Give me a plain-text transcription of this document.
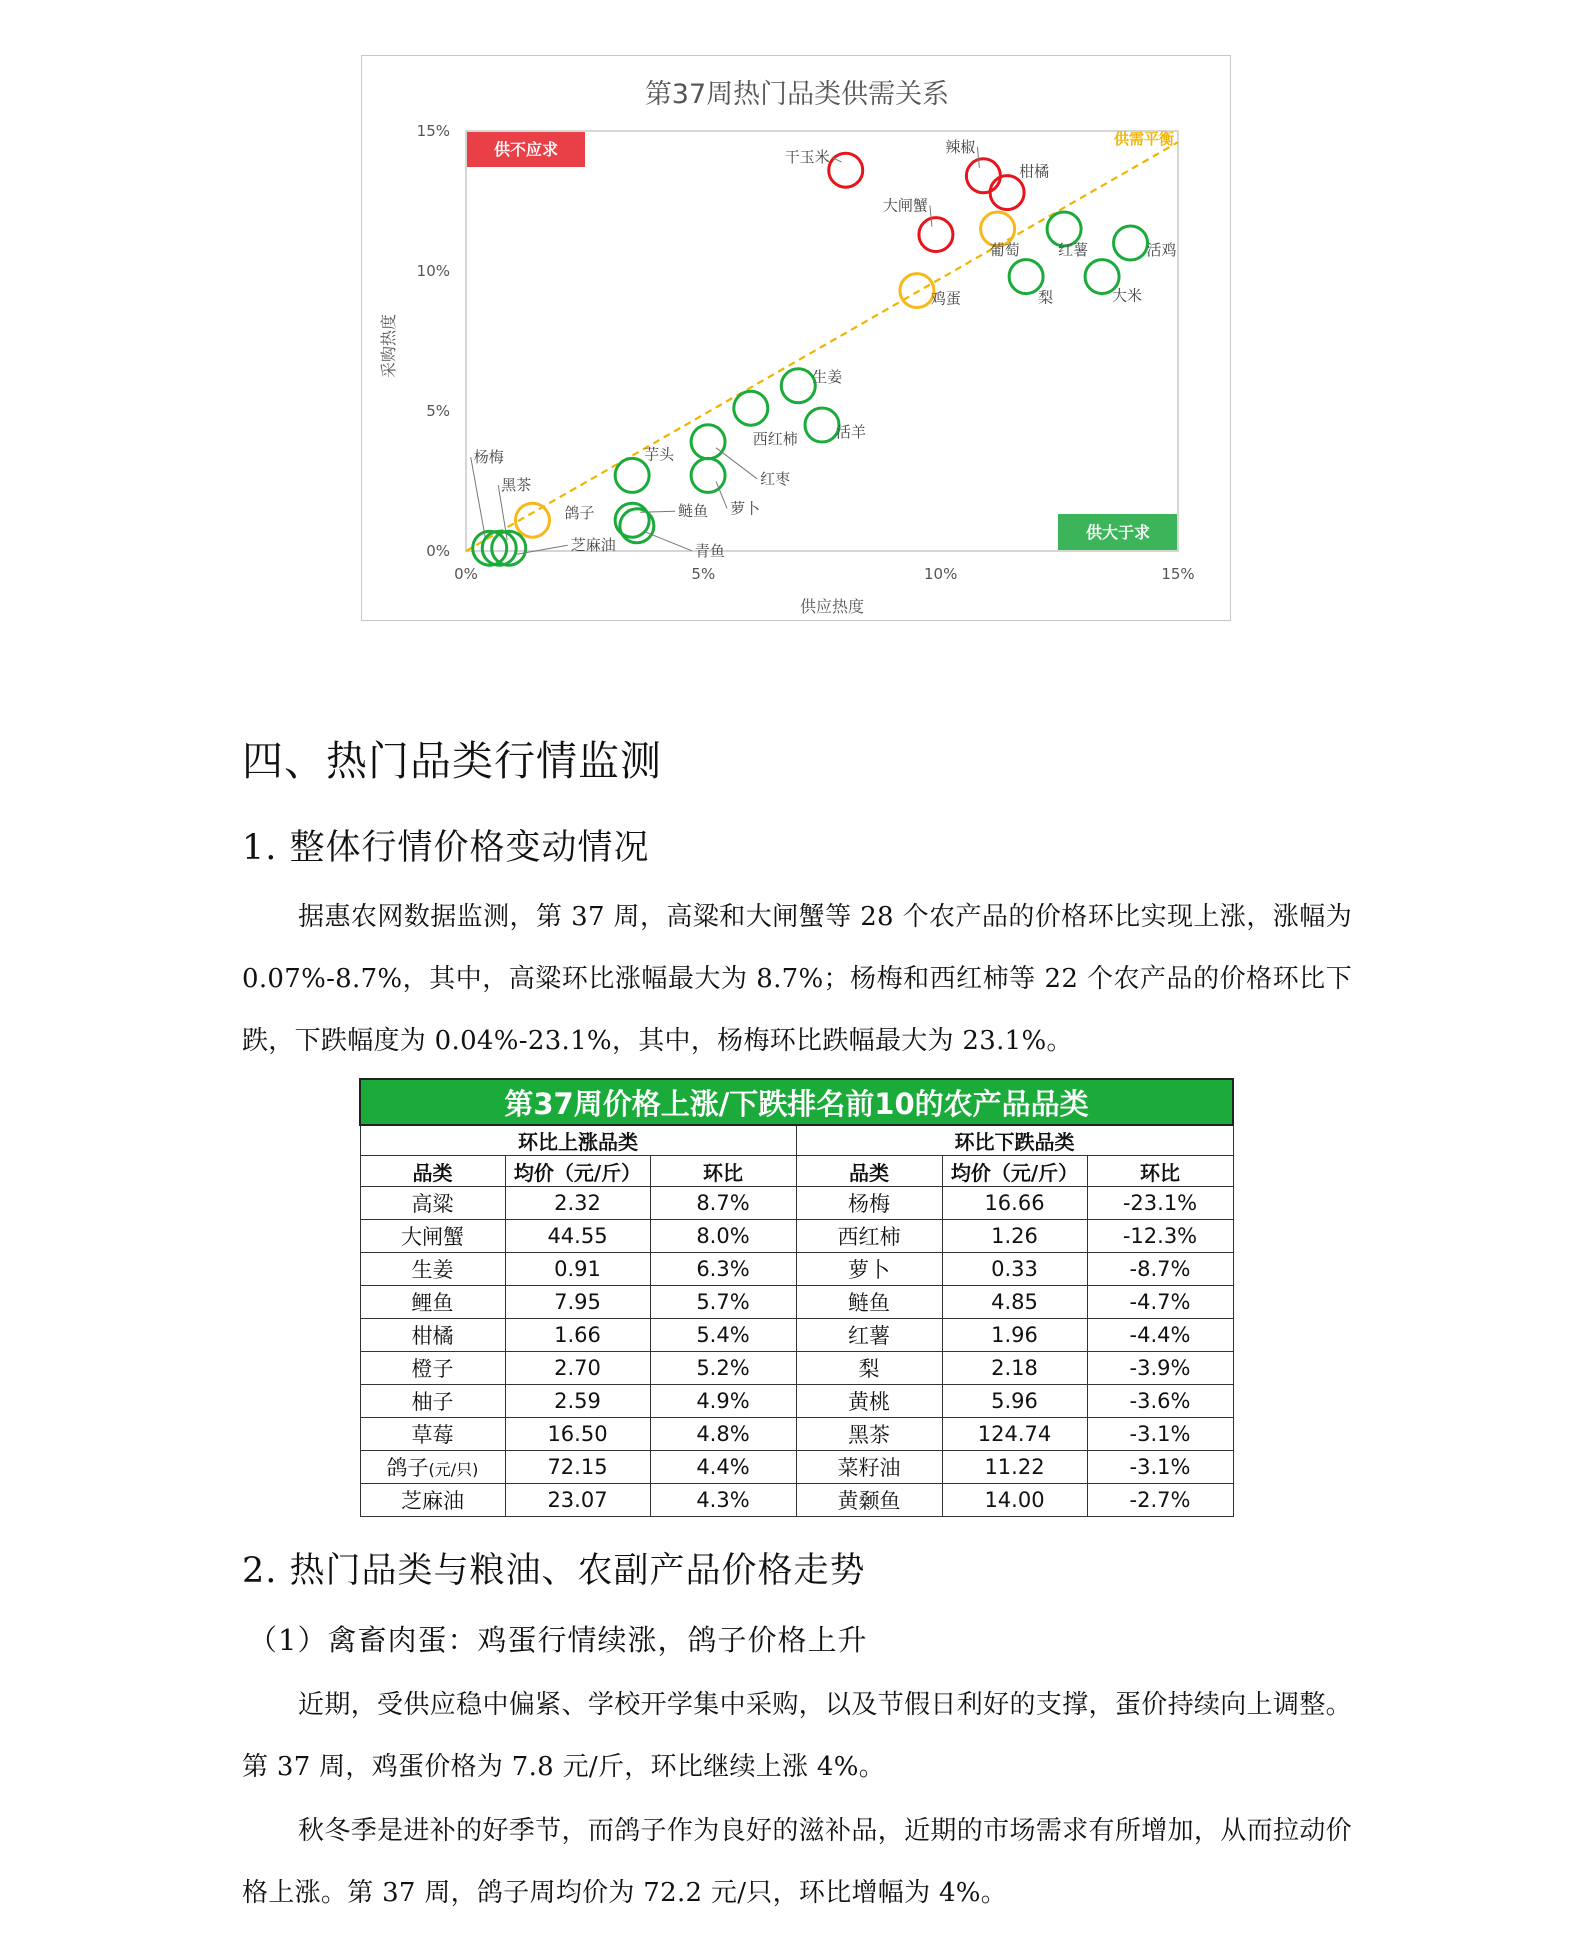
第37周热门品类供需关系
0%	5%	10%	15%
0%
5%
10%
15%
供应热度
采购热度
供需平衡
供不应求
供大于求
干玉米
辣椒
柑橘
大闸蟹
葡萄
鸡蛋
鸽子
红薯	活鸡
梨	大米
生姜
西红柿	活羊
红枣
萝卜
芋头
鲢鱼
青鱼
杨梅
黑茶
芝麻油
四、热门品类行情监测
1. 整体行情价格变动情况

据惠农网数据监测，第 37 周，高粱和大闸蟹等 28 个农产品的价格环比实现上涨，涨幅为 0.07%-8.7%，其中，高粱环比涨幅最大为 8.7%；杨梅和西红柿等 22 个农产品的价格环比下跌，下跌幅度为 0.04%-23.1%，其中，杨梅环比跌幅最大为 23.1%。

第37周价格上涨/下跌排名前10的农产品品类					
环比上涨品类			环比下跌品类		
品类	均价（元/斤）	环比	品类	均价（元/斤）	环比
高粱	2.32	8.7%	杨梅	16.66	-23.1%
大闸蟹	44.55	8.0%	西红柿	1.26	-12.3%
生姜	0.91	6.3%	萝卜	0.33	-8.7%
鲤鱼	7.95	5.7%	鲢鱼	4.85	-4.7%
柑橘	1.66	5.4%	红薯	1.96	-4.4%
橙子	2.70	5.2%	梨	2.18	-3.9%
柚子	2.59	4.9%	黄桃	5.96	-3.6%
草莓	16.50	4.8%	黑茶	124.74	-3.1%
鸽子(元/只)	72.15	4.4%	菜籽油	11.22	-3.1%
芝麻油	23.07	4.3%	黄颡鱼	14.00	-2.7%
2. 热门品类与粮油、农副产品价格走势
（1）禽畜肉蛋：鸡蛋行情续涨，鸽子价格上升

近期，受供应稳中偏紧、学校开学集中采购，以及节假日利好的支撑，蛋价持续向上调整。第 37 周，鸡蛋价格为 7.8 元/斤，环比继续上涨 4%。

秋冬季是进补的好季节，而鸽子作为良好的滋补品，近期的市场需求有所增加，从而拉动价格上涨。第 37 周，鸽子周均价为 72.2 元/只，环比增幅为 4%。
